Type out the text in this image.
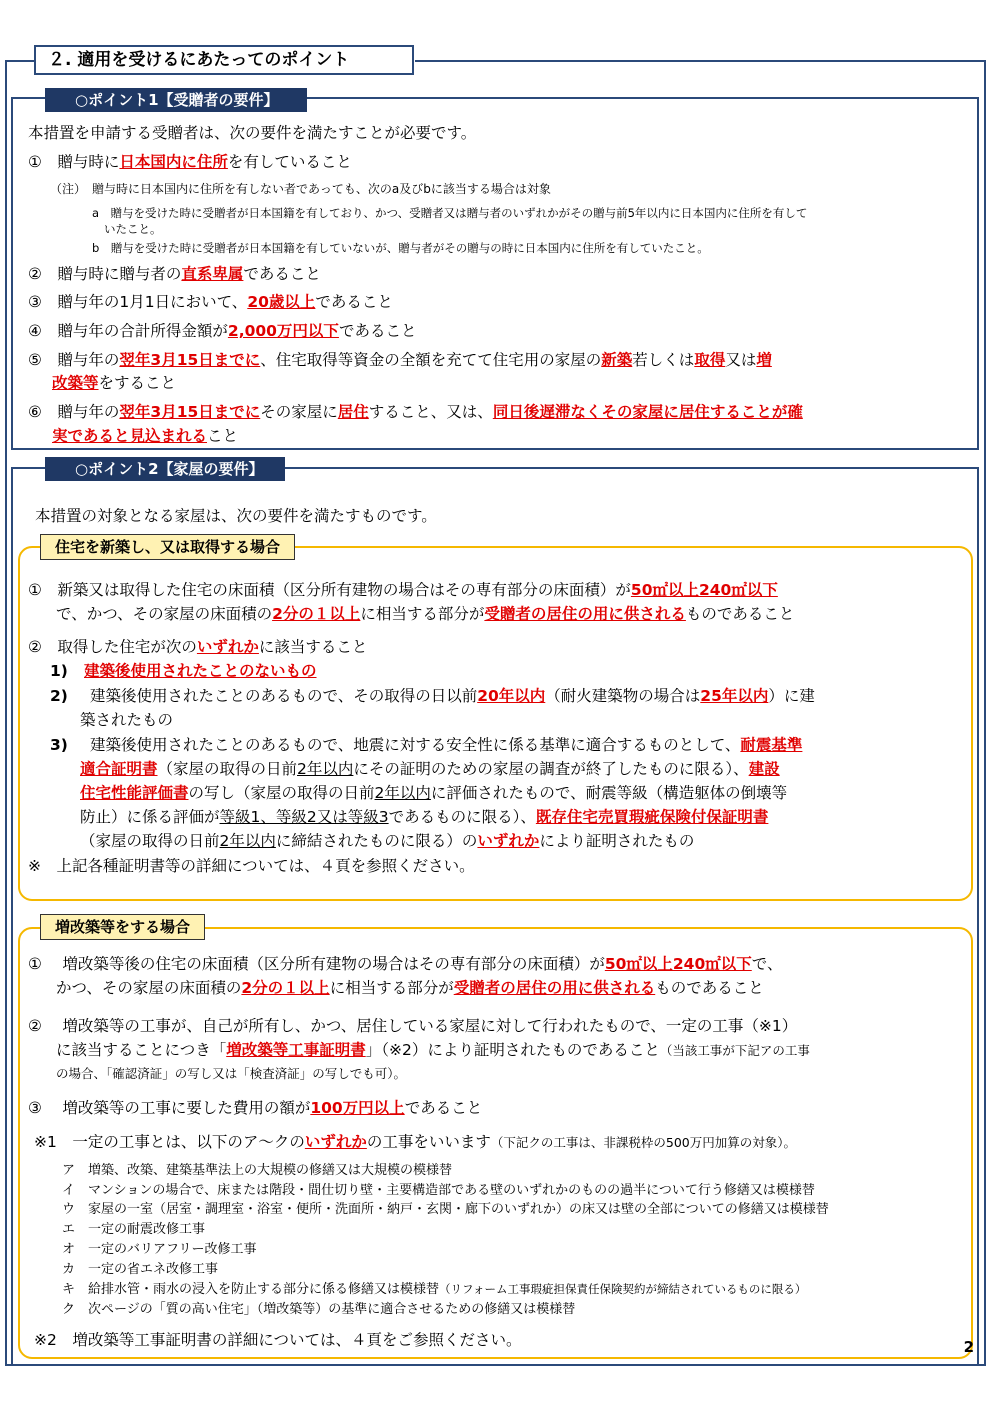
２. 適用を受けるにあたってのポイント
○ポイント1【受贈者の要件】
本措置を申請する受贈者は、次の要件を満たすことが必要です。
①　贈与時に日本国内に住所を有していること
（注）　贈与時に日本国内に住所を有しない者であっても、次のa及びbに該当する場合は対象
a　贈与を受けた時に受贈者が日本国籍を有しており、かつ、受贈者又は贈与者のいずれかがその贈与前5年以内に日本国内に住所を有して
いたこと。
b　贈与を受けた時に受贈者が日本国籍を有していないが、贈与者がその贈与の時に日本国内に住所を有していたこと。
②　贈与時に贈与者の直系卑属であること
③　贈与年の1月1日において、20歳以上であること
④　贈与年の合計所得金額が2,000万円以下であること
⑤　贈与年の翌年3月15日までに、住宅取得等資金の全額を充てて住宅用の家屋の新築若しくは取得又は増
改築等をすること
⑥　贈与年の翌年3月15日までにその家屋に居住すること、又は、同日後遅滞なくその家屋に居住することが確
実であると見込まれること
○ポイント2【家屋の要件】
本措置の対象となる家屋は、次の要件を満たすものです。
住宅を新築し、又は取得する場合
①　新築又は取得した住宅の床面積（区分所有建物の場合はその専有部分の床面積）が50㎡以上240㎡以下
で、かつ、その家屋の床面積の2分の１以上に相当する部分が受贈者の居住の用に供されるものであること
②　取得した住宅が次のいずれかに該当すること
1) 建築後使用されたことのないもの
2) 建築後使用されたことのあるもので、その取得の日以前20年以内（耐火建築物の場合は25年以内）に建
築されたもの
3) 建築後使用されたことのあるもので、地震に対する安全性に係る基準に適合するものとして、耐震基準
適合証明書（家屋の取得の日前2年以内にその証明のための家屋の調査が終了したものに限る）、建設
住宅性能評価書の写し（家屋の取得の日前2年以内に評価されたもので、耐震等級（構造躯体の倒壊等
防止）に係る評価が等級1、等級2又は等級3であるものに限る）、既存住宅売買瑕疵保険付保証明書
（家屋の取得の日前2年以内に締結されたものに限る）のいずれかにより証明されたもの
※　上記各種証明書等の詳細については、４頁を参照ください。
増改築等をする場合
①　 増改築等後の住宅の床面積（区分所有建物の場合はその専有部分の床面積）が50㎡以上240㎡以下で、
かつ、その家屋の床面積の2分の１以上に相当する部分が受贈者の居住の用に供されるものであること
②　 増改築等の工事が、自己が所有し、かつ、居住している家屋に対して行われたもので、一定の工事（※1）
に該当することにつき「増改築等工事証明書」（※2）により証明されたものであること（当該工事が下記アの工事
の場合、「確認済証」の写し又は「検査済証」の写しでも可）。
③　 増改築等の工事に要した費用の額が100万円以上であること
※1　一定の工事とは、以下のア～クのいずれかの工事をいいます（下記クの工事は、非課税枠の500万円加算の対象）。
ア　増築、改築、建築基準法上の大規模の修繕又は大規模の模様替
イ　マンションの場合で、床または階段・間仕切り壁・主要構造部である壁のいずれかのものの過半について行う修繕又は模様替
ウ　家屋の一室（居室・調理室・浴室・便所・洗面所・納戸・玄関・廊下のいずれか）の床又は壁の全部についての修繕又は模様替
エ　一定の耐震改修工事
オ　一定のバリアフリー改修工事
カ　一定の省エネ改修工事
キ　給排水管・雨水の浸入を防止する部分に係る修繕又は模様替（リフォーム工事瑕疵担保責任保険契約が締結されているものに限る）
ク　次ページの「質の高い住宅」（増改築等）の基準に適合させるための修繕又は模様替
※2　増改築等工事証明書の詳細については、４頁をご参照ください。	2
